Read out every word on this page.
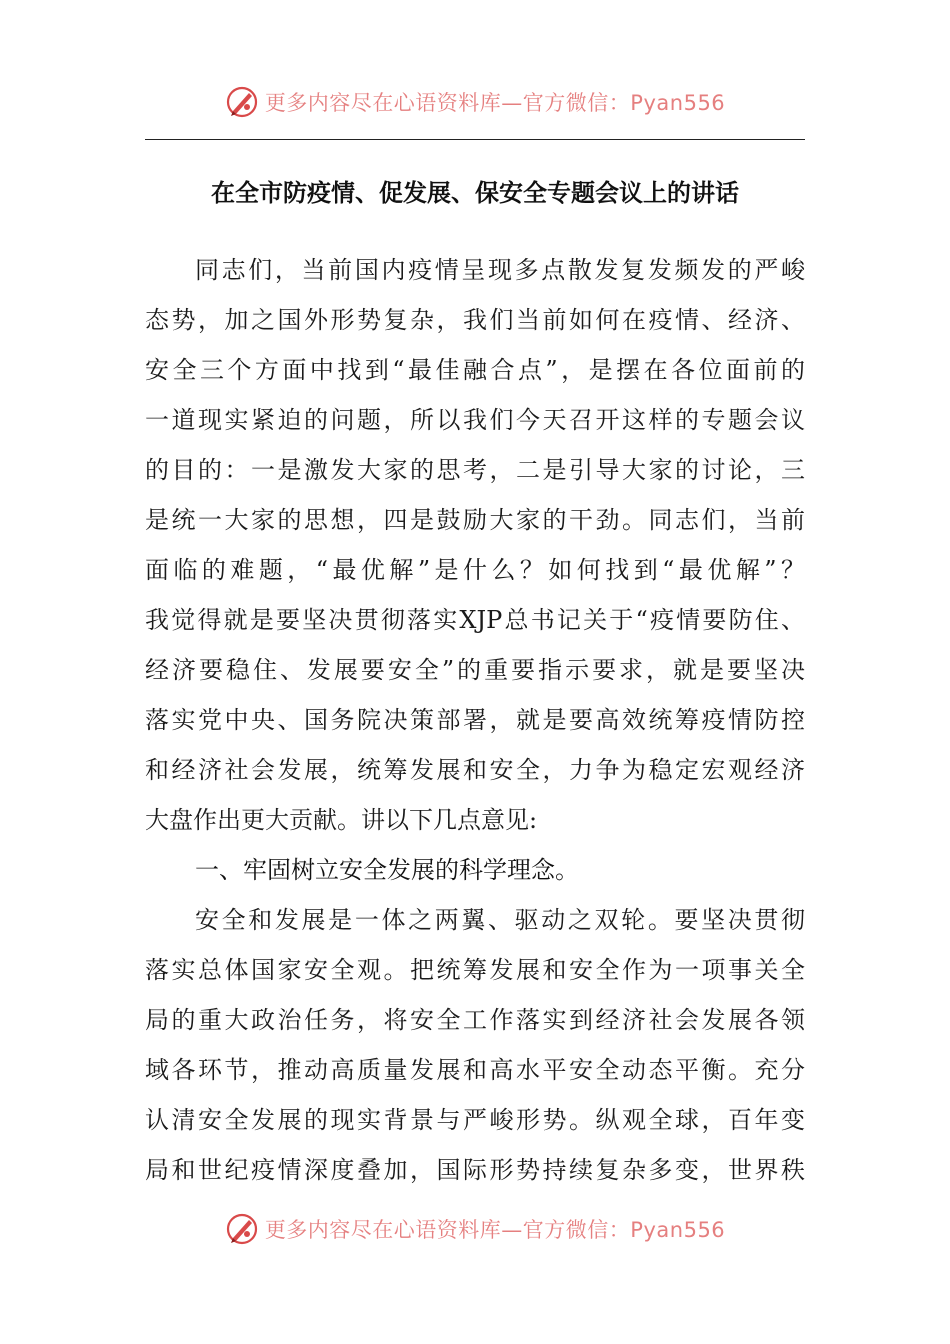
更多内容尽在心语资料库—官方微信：Pyan556
在全市防疫情、促发展、保安全专题会议上的讲话
同志们，当前国内疫情呈现多点散发复发频发的严峻
态势，加之国外形势复杂，我们当前如何在疫情、经济、
安全三个方面中找到“最佳融合点”，是摆在各位面前的
一道现实紧迫的问题，所以我们今天召开这样的专题会议
的目的：一是激发大家的思考，二是引导大家的讨论，三
是统一大家的思想，四是鼓励大家的干劲。同志们，当前
面临的难题，“最优解”是什么？如何找到“最优解”？
我觉得就是要坚决贯彻落实XJP总书记关于“疫情要防住、
经济要稳住、发展要安全”的重要指示要求，就是要坚决
落实党中央、国务院决策部署，就是要高效统筹疫情防控
和经济社会发展，统筹发展和安全，力争为稳定宏观经济
大盘作出更大贡献。讲以下几点意见:
一、牢固树立安全发展的科学理念。
安全和发展是一体之两翼、驱动之双轮。要坚决贯彻
落实总体国家安全观。把统筹发展和安全作为一项事关全
局的重大政治任务，将安全工作落实到经济社会发展各领
域各环节，推动高质量发展和高水平安全动态平衡。充分
认清安全发展的现实背景与严峻形势。纵观全球，百年变
局和世纪疫情深度叠加，国际形势持续复杂多变，世界秩
更多内容尽在心语资料库—官方微信：Pyan556
